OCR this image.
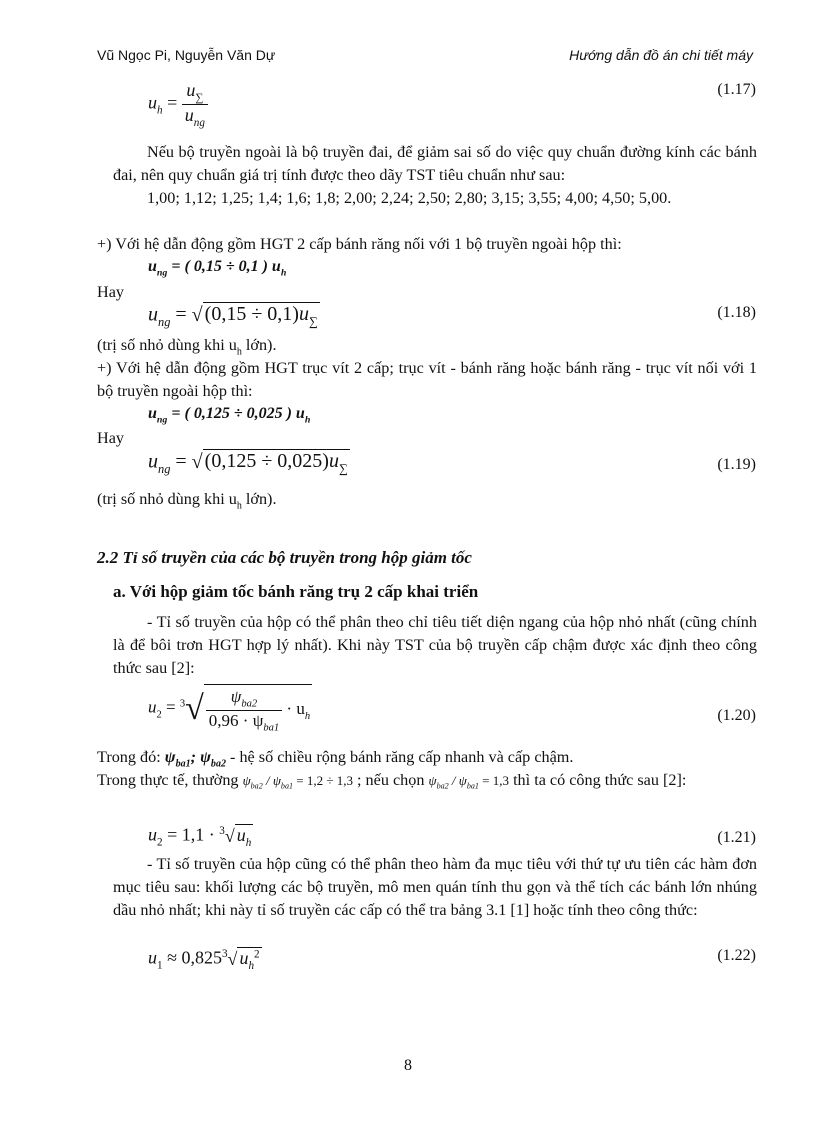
Vũ Ngọc Pi, Nguyễn Văn Dự	Hướng dẫn đồ án chi tiết máy
$u_h = \frac{u_\sum}{u_{ng}}$	(1.17)
Nếu bộ truyền ngoài là bộ truyền đai, để giảm sai số do việc quy chuẩn đường kính các bánh đai, nên quy chuẩn giá trị tính được theo dãy TST tiêu chuẩn như sau:
1,00; 1,12; 1,25; 1,4; 1,6; 1,8; 2,00; 2,24; 2,50; 2,80; 3,15; 3,55; 4,00; 4,50; 5,00.
+) Với hệ dẫn động gồm HGT 2 cấp bánh răng nối với 1 bộ truyền ngoài hộp thì:
$u_{ng}$ = ( 0,15 ÷ 0,1 ) $u_h$
Hay
$u_{ng}$ = √ $(0,15 \div 0,1)u_\sum$
(1.18)
(trị số nhỏ dùng khi $u_h$ lớn).
+) Với hệ dẫn động gồm HGT trục vít 2 cấp; trục vít - bánh răng hoặc bánh răng - trục vít nối với 1 bộ truyền ngoài hộp thì:
$u_{ng}$ = ( 0,125 ÷ 0,025 ) $u_h$
Hay
$u_{ng}$ = √ $(0,125 \div 0,025)u_\sum$	(1.19)
(trị số nhỏ dùng khi $u_h$ lớn).
2.2 Tỉ số truyền của các bộ truyền trong hộp giảm tốc
a. Với hộp giảm tốc bánh răng trụ 2 cấp khai triển
- Tỉ số truyền của hộp có thể phân theo chỉ tiêu tiết diện ngang của hộp nhỏ nhất (cũng chính là để bôi trơn HGT hợp lý nhất). Khi này TST của bộ truyền cấp chậm được xác định theo công thức sau [2]:
$u_2 = ^3√ \frac{\psi_{ba2}}{0,96 \cdot \psi_{ba1}} \cdot u_h$	(1.20)
Trong đó: $\psi_{ba1}$; $\psi_{ba2}$ - hệ số chiều rộng bánh răng cấp nhanh và cấp chậm.
Trong thực tế, thường $\psi_{ba2} / \psi_{ba1} = 1,2 \div 1,3$ ; nếu chọn $\psi_{ba2} / \psi_{ba1} = 1,3$ thì ta có công thức sau [2]:
$u_2 = 1,1 \cdot ^3√$ $u_h$	(1.21)
- Tỉ số truyền của hộp cũng có thể phân theo hàm đa mục tiêu với thứ tự ưu tiên các hàm đơn mục tiêu sau: khối lượng các bộ truyền, mô men quán tính thu gọn và thể tích các bánh lớn nhúng dầu nhỏ nhất; khi này tỉ số truyền các cấp có thể tra bảng 3.1 [1] hoặc tính theo công thức:
$u_1 \approx 0,825^3√$ $u_h^2$	(1.22)
8
